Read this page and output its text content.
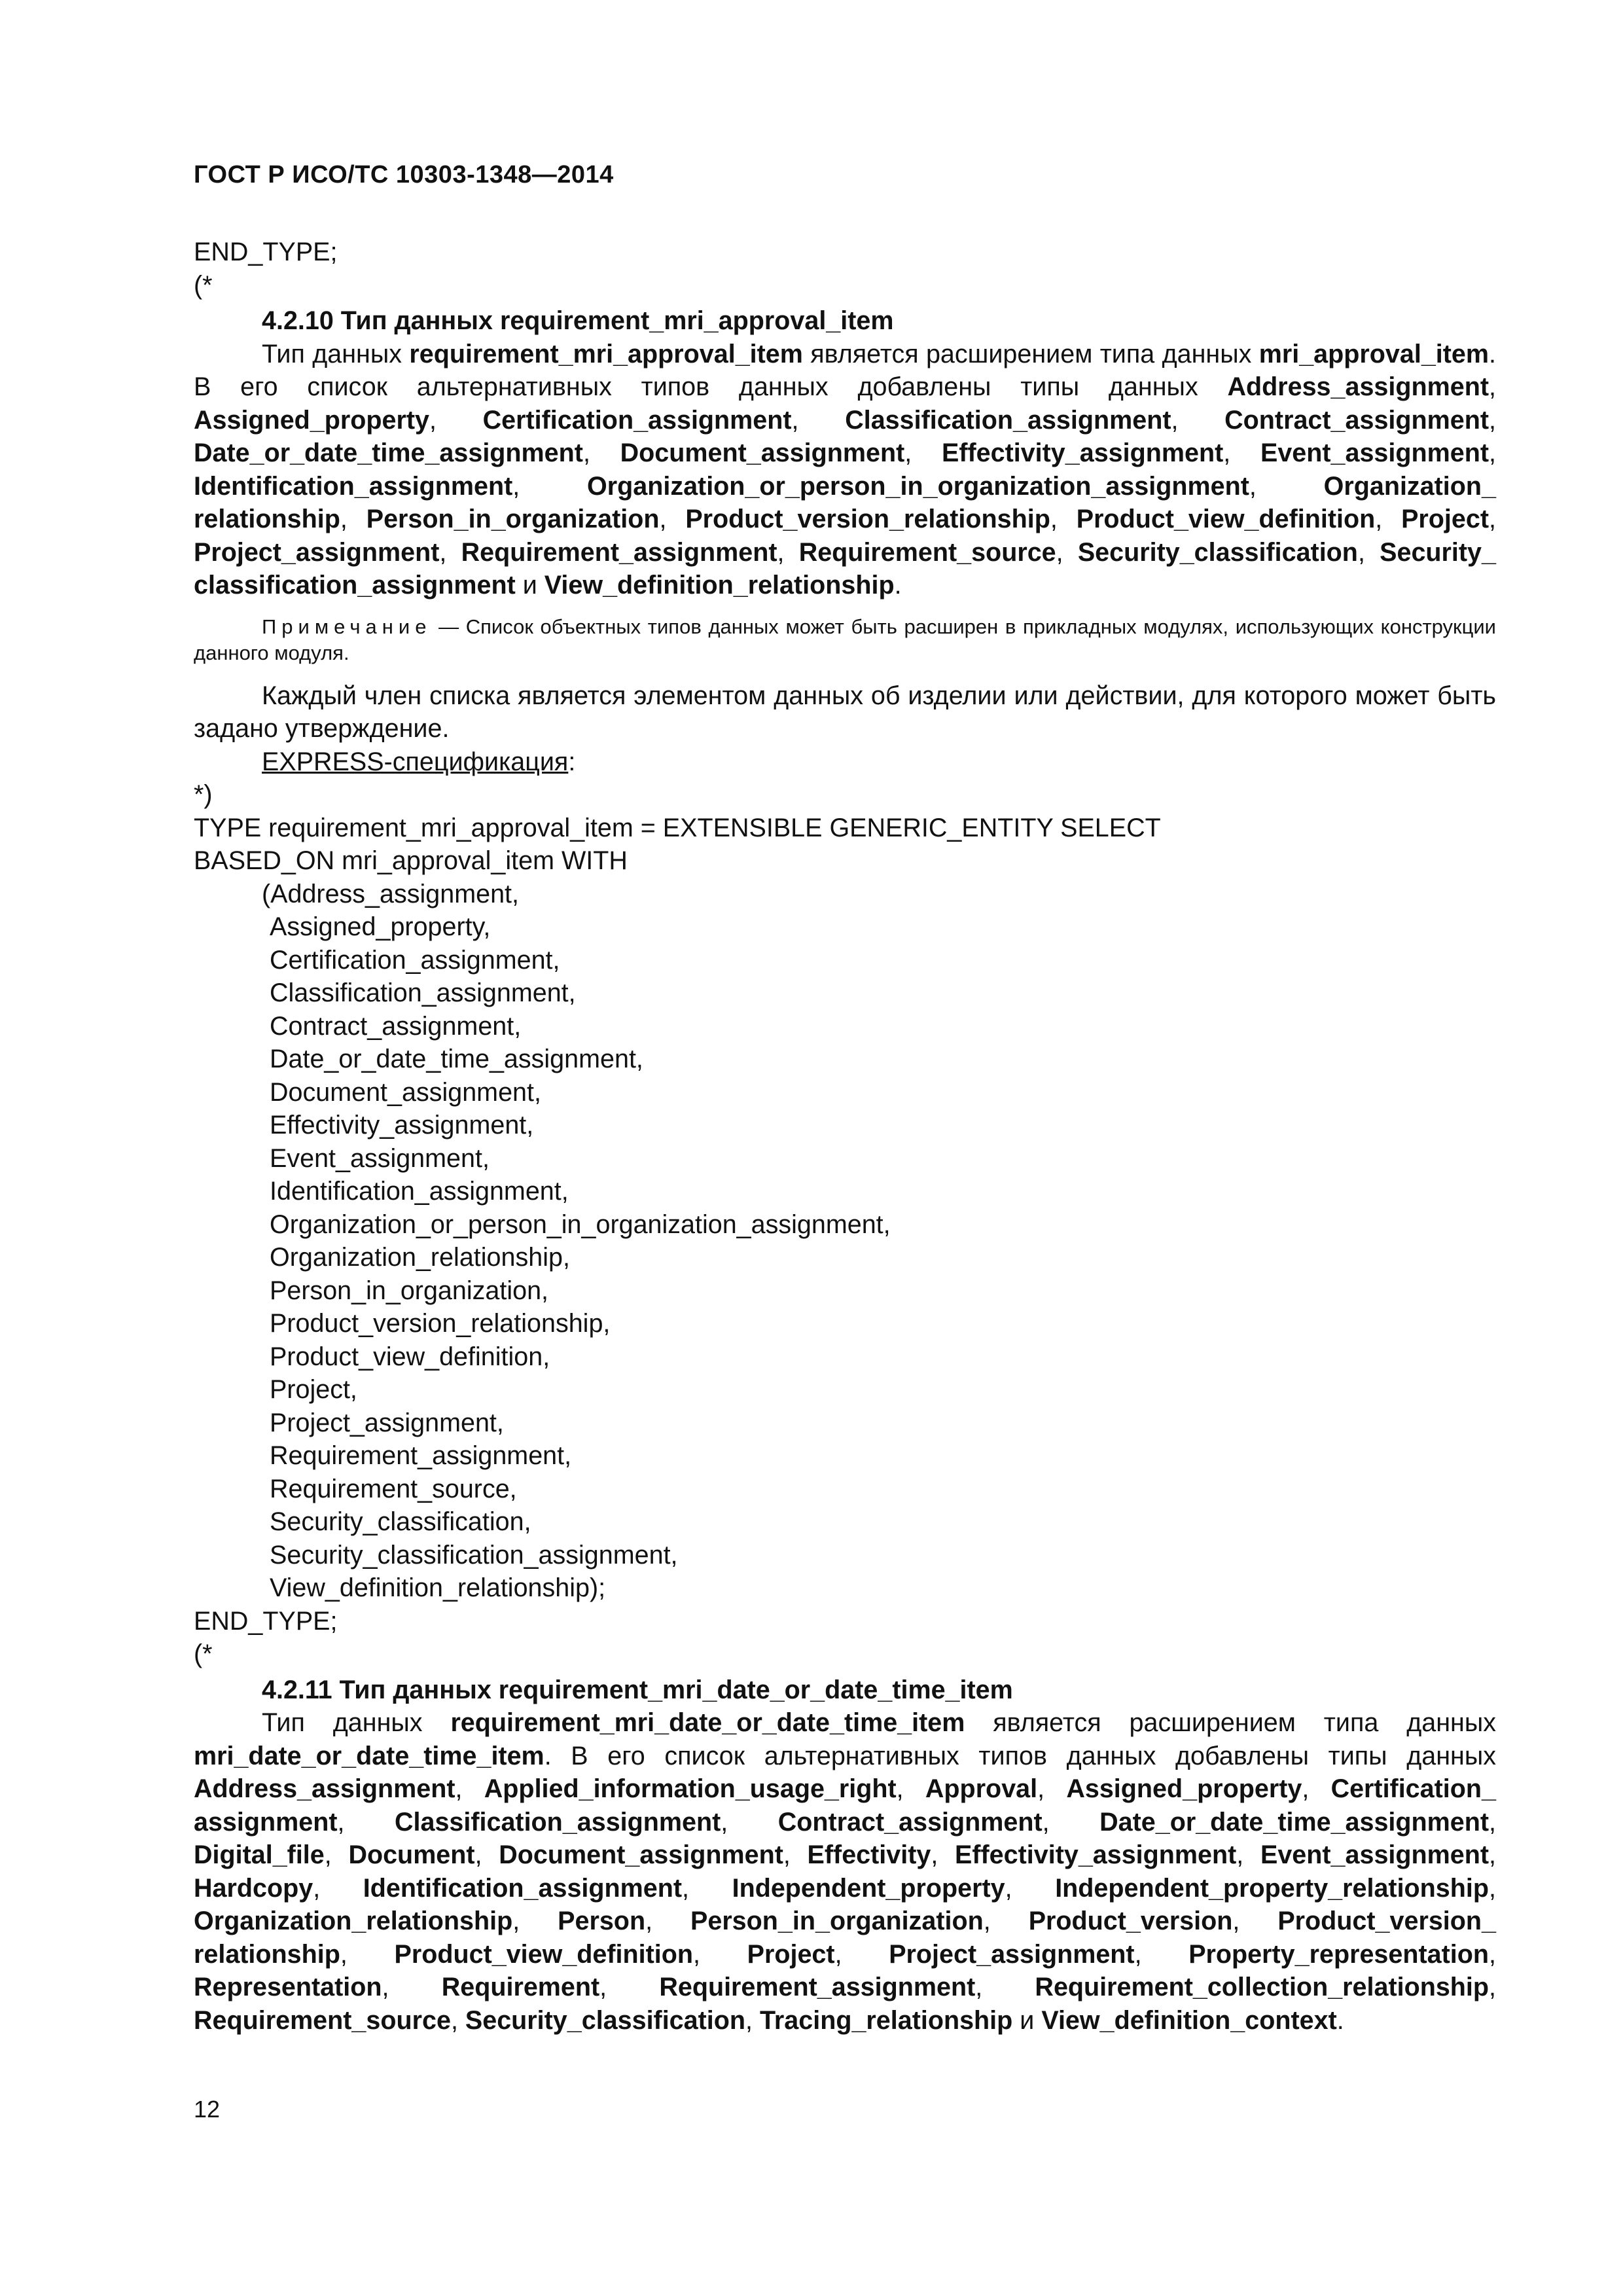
ГОСТ Р ИСО/ТС 10303-1348—2014
END_TYPE;
(*
4.2.10 Тип данных requirement_mri_approval_item
Тип данных requirement_mri_approval_item является расширением типа данных mri_approval_item. В его список альтернативных типов данных добавлены типы данных Address_assignment, Assigned_property, Certification_assignment, Classification_assignment, Contract_assignment, Date_or_date_time_assignment, Document_assignment, Effectivity_assignment, Event_assignment, Identification_assignment, Organization_or_person_in_organization_assignment, Organization_ relationship, Person_in_organization, Product_version_relationship, Product_view_definition, Project, Project_assignment, Requirement_assignment, Requirement_source, Security_classification, Security_ classification_assignment и View_definition_relationship.
Примечание — Список объектных типов данных может быть расширен в прикладных модулях, использующих конструкции данного модуля.
Каждый член списка является элементом данных об изделии или действии, для которого может быть задано утверждение.
EXPRESS-спецификация:
*)
TYPE requirement_mri_approval_item = EXTENSIBLE GENERIC_ENTITY SELECT
BASED_ON mri_approval_item WITH
(Address_assignment,
Assigned_property,
Certification_assignment,
Classification_assignment,
Contract_assignment,
Date_or_date_time_assignment,
Document_assignment,
Effectivity_assignment,
Event_assignment,
Identification_assignment,
Organization_or_person_in_organization_assignment,
Organization_relationship,
Person_in_organization,
Product_version_relationship,
Product_view_definition,
Project,
Project_assignment,
Requirement_assignment,
Requirement_source,
Security_classification,
Security_classification_assignment,
View_definition_relationship);
END_TYPE;
(*
4.2.11 Тип данных requirement_mri_date_or_date_time_item
Тип данных requirement_mri_date_or_date_time_item является расширением типа данных mri_date_or_date_time_item. В его список альтернативных типов данных добавлены типы данных Address_assignment, Applied_information_usage_right, Approval, Assigned_property, Certification_ assignment, Classification_assignment, Contract_assignment, Date_or_date_time_assignment, Digital_file, Document, Document_assignment, Effectivity, Effectivity_assignment, Event_assignment, Hardcopy, Identification_assignment, Independent_property, Independent_property_relationship, Organization_relationship, Person, Person_in_organization, Product_version, Product_version_ relationship, Product_view_definition, Project, Project_assignment, Property_representation, Representation, Requirement, Requirement_assignment, Requirement_collection_relationship, Requirement_source, Security_classification, Tracing_relationship и View_definition_context.
12
